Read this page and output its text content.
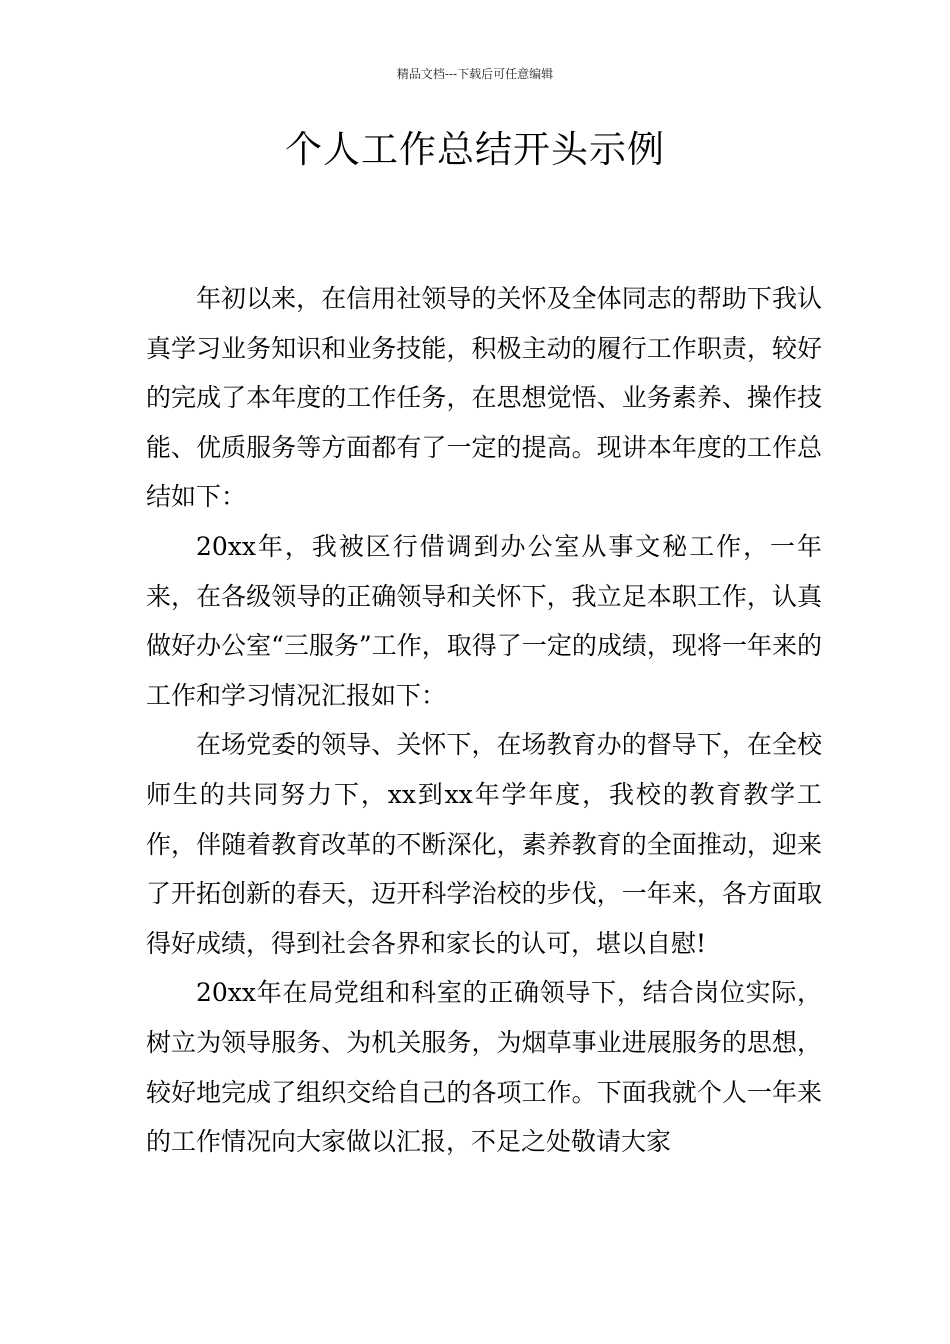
精品文档---下载后可任意编辑
个人工作总结开头示例

年初以来，在信用社领导的关怀及全体同志的帮助下我认真学习业务知识和业务技能，积极主动的履行工作职责，较好的完成了本年度的工作任务，在思想觉悟、业务素养、操作技能、优质服务等方面都有了一定的提高。现讲本年度的工作总结如下：

20xx年，我被区行借调到办公室从事文秘工作，一年来，在各级领导的正确领导和关怀下，我立足本职工作，认真做好办公室“三服务”工作，取得了一定的成绩，现将一年来的工作和学习情况汇报如下：

在场党委的领导、关怀下，在场教育办的督导下，在全校师生的共同努力下，xx到xx年学年度，我校的教育教学工作，伴随着教育改革的不断深化，素养教育的全面推动，迎来了开拓创新的春天，迈开科学治校的步伐，一年来，各方面取得好成绩，得到社会各界和家长的认可，堪以自慰!

20xx年在局党组和科室的正确领导下，结合岗位实际，树立为领导服务、为机关服务，为烟草事业进展服务的思想，较好地完成了组织交给自己的各项工作。下面我就个人一年来的工作情况向大家做以汇报，不足之处敬请大家
